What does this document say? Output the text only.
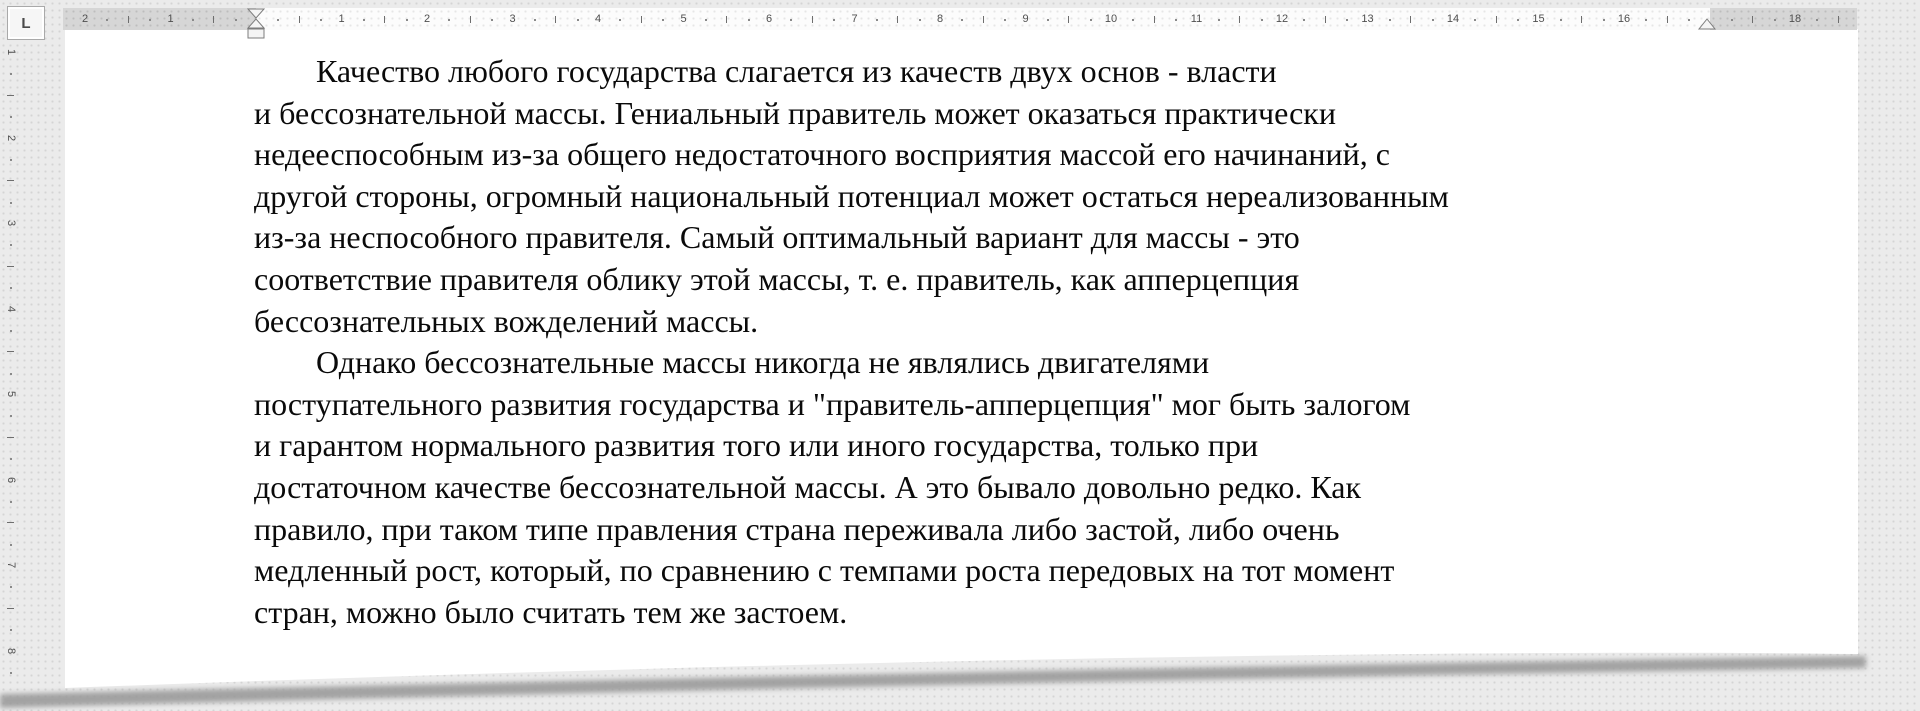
2	1	1	2	3	4	5	6	7	8	9	10	11	12	13	14	15	16	18
1
2
3
4
5
6
7
8
L
Качество любого государства слагается из качеств двух основ - власти
и бессознательной массы. Гениальный правитель может оказаться практически
недееспособным из-за общего недостаточного восприятия массой его начинаний, с
другой стороны, огромный национальный потенциал может остаться нереализованным
из-за неспособного правителя. Самый оптимальный вариант для массы - это
соответствие правителя облику этой массы, т. е. правитель, как апперцепция
бессознательных вожделений массы.
Однако бессознательные массы никогда не являлись двигателями
поступательного развития государства и "правитель-апперцепция" мог быть залогом
и гарантом нормального развития того или иного государства, только при
достаточном качестве бессознательной массы. А это бывало довольно редко. Как
правило, при таком типе правления страна переживала либо застой, либо очень
медленный рост, который, по сравнению с темпами роста передовых на тот момент
стран, можно было считать тем же застоем.
